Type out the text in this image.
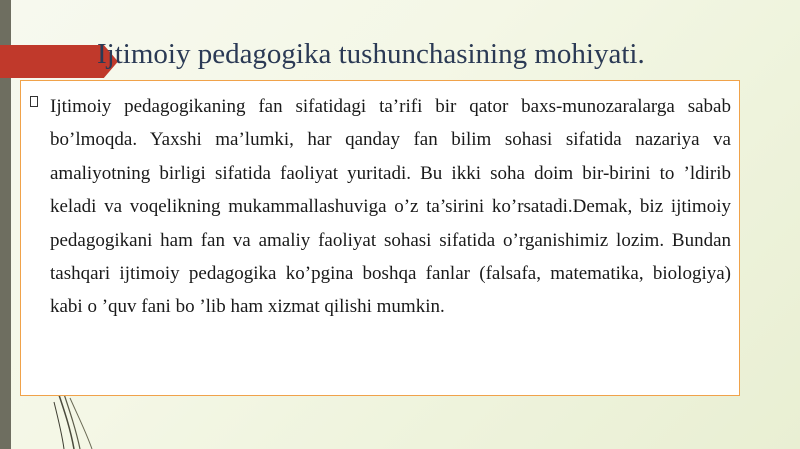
Ijtimoiy pedagogika tushunchasining mohiyati.

Ijtimoiy pedagogikaning fan sifatidagi ta’rifi bir qator baxs-munozaralarga sabab bo’lmoqda. Yaxshi ma’lumki, har qanday fan bilim sohasi sifatida nazariya va amaliyotning birligi sifatida faoliyat yuritadi. Bu ikki soha doim bir-birini to ’ldirib keladi va voqelikning mukammallashuviga o’z ta’sirini ko’rsatadi.Demak, biz ijtimoiy pedagogikani ham fan va amaliy faoliyat sohasi sifatida o’rganishimiz lozim. Bundan tashqari ijtimoiy pedagogika ko’pgina boshqa fanlar (falsafa, matematika, biologiya) kabi o ’quv fani bo ’lib ham xizmat qilishi mumkin.
